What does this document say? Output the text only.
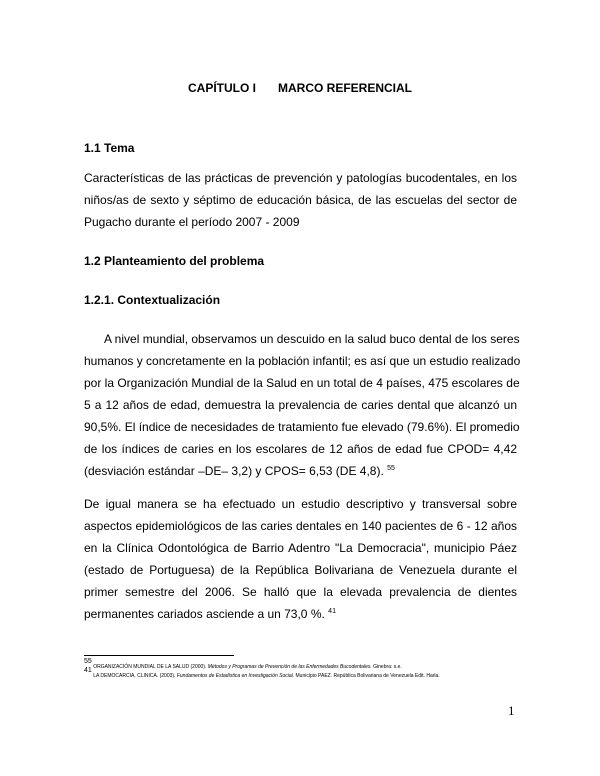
CAPÍTULO I MARCO REFERENCIAL
1.1 Tema
Características de las prácticas de prevención y patologías bucodentales, en los
niños/as de sexto y séptimo de educación básica, de las escuelas del sector de
Pugacho durante el período 2007 - 2009
1.2 Planteamiento del problema
1.2.1. Contextualización
A nivel mundial, observamos un descuido en la salud buco dental de los seres
humanos y concretamente en la población infantil; es así que un estudio realizado
por la Organización Mundial de la Salud en un total de 4 países, 475 escolares de
5 a 12 años de edad, demuestra la prevalencia de caries dental que alcanzó un
90,5%. El índice de necesidades de tratamiento fue elevado (79.6%). El promedio
de los índices de caries en los escolares de 12 años de edad fue CPOD= 4,42
(desviación estándar –DE– 3,2) y CPOS= 6,53 (DE 4,8). $^{55}$
De igual manera se ha efectuado un estudio descriptivo y transversal sobre
aspectos epidemiológicos de las caries dentales en 140 pacientes de 6 - 12 años
en la Clínica Odontológica de Barrio Adentro "La Democracia", municipio Páez
(estado de Portuguesa) de la República Bolivariana de Venezuela durante el
primer semestre del 2006. Se halló que la elevada prevalencia de dientes
permanentes cariados asciende a un 73,0 %. $^{41}$
$^{55}$ ORGANIZACIÓN MUNDIAL DE LA SALUD (2000). Métodos y Programas de Prevención de las Enfermedades Bucodentales. Ginebra: s.e.
$^{41}$ LA DEMOCARCIA, CLINICA. (2003). Fundamentos de Estadística en Investigación Social. Municipio PAEZ. República Bolivariana de Venezuela Edit. Harla.
1
